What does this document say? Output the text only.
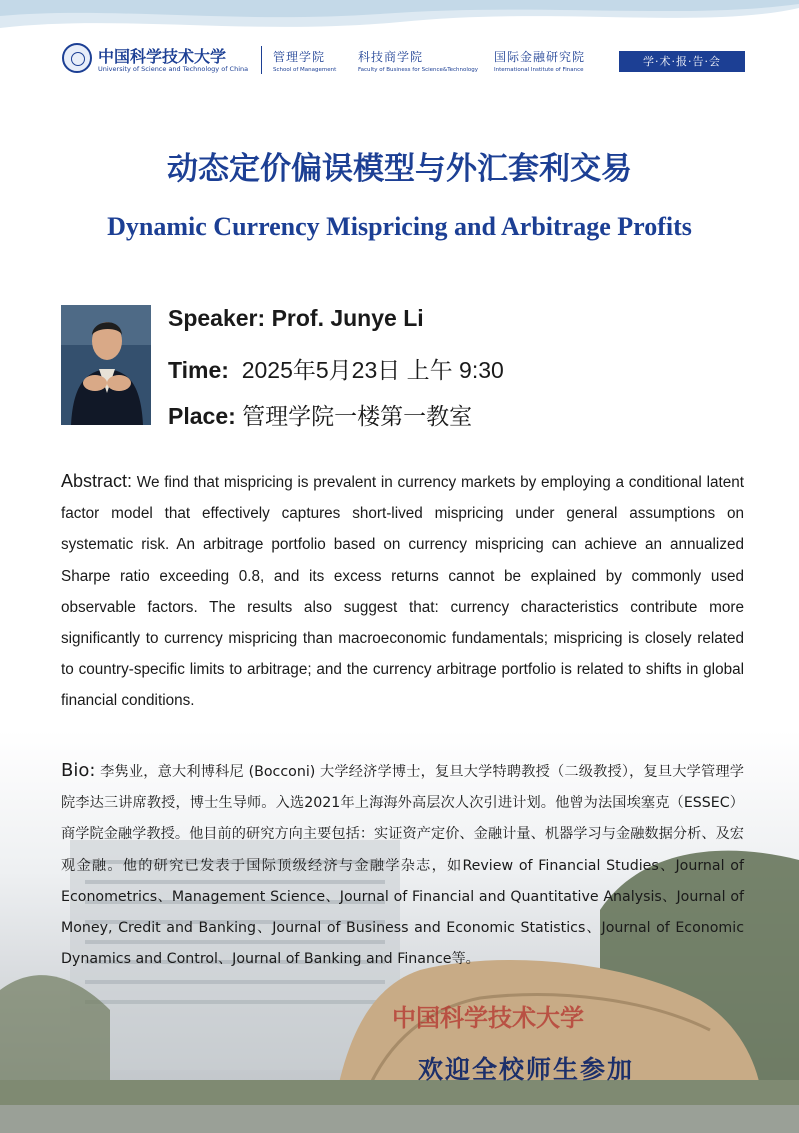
中国科学技术大学
University of Science and Technology of China
管理学院
School of Management
科技商学院
Faculty of Business for Science&Technology
国际金融研究院
International Institute of Finance
学·术·报·告·会
动态定价偏误模型与外汇套利交易
Dynamic Currency Mispricing and Arbitrage Profits
Speaker: Prof. Junye Li
Time: 2025年5月23日 上午 9:30
Place: 管理学院一楼第一教室
Abstract: We find that mispricing is prevalent in currency markets by employing a conditional latent factor model that effectively captures short-lived mispricing under general assumptions on systematic risk. An arbitrage portfolio based on currency mispricing can achieve an annualized Sharpe ratio exceeding 0.8, and its excess returns cannot be explained by commonly used observable factors. The results also suggest that: currency characteristics contribute more significantly to currency mispricing than macroeconomic fundamentals; mispricing is closely related to country-specific limits to arbitrage; and the currency arbitrage portfolio is related to shifts in global financial conditions.
Bio: 李隽业，意大利博科尼 (Bocconi) 大学经济学博士，复旦大学特聘教授（二级教授），复旦大学管理学院李达三讲席教授，博士生导师。入选2021年上海海外高层次人次引进计划。他曾为法国埃塞克（ESSEC）商学院金融学教授。他目前的研究方向主要包括：实证资产定价、金融计量、机器学习与金融数据分析、及宏观金融。他的研究已发表于国际顶级经济与金融学杂志，如Review of Financial Studies、Journal of Econometrics、Management Science、Journal of Financial and Quantitative Analysis、Journal of Money, Credit and Banking、Journal of Business and Economic Statistics、Journal of Economic Dynamics and Control、Journal of Banking and Finance等。
中国科学技术大学
欢迎全校师生参加
